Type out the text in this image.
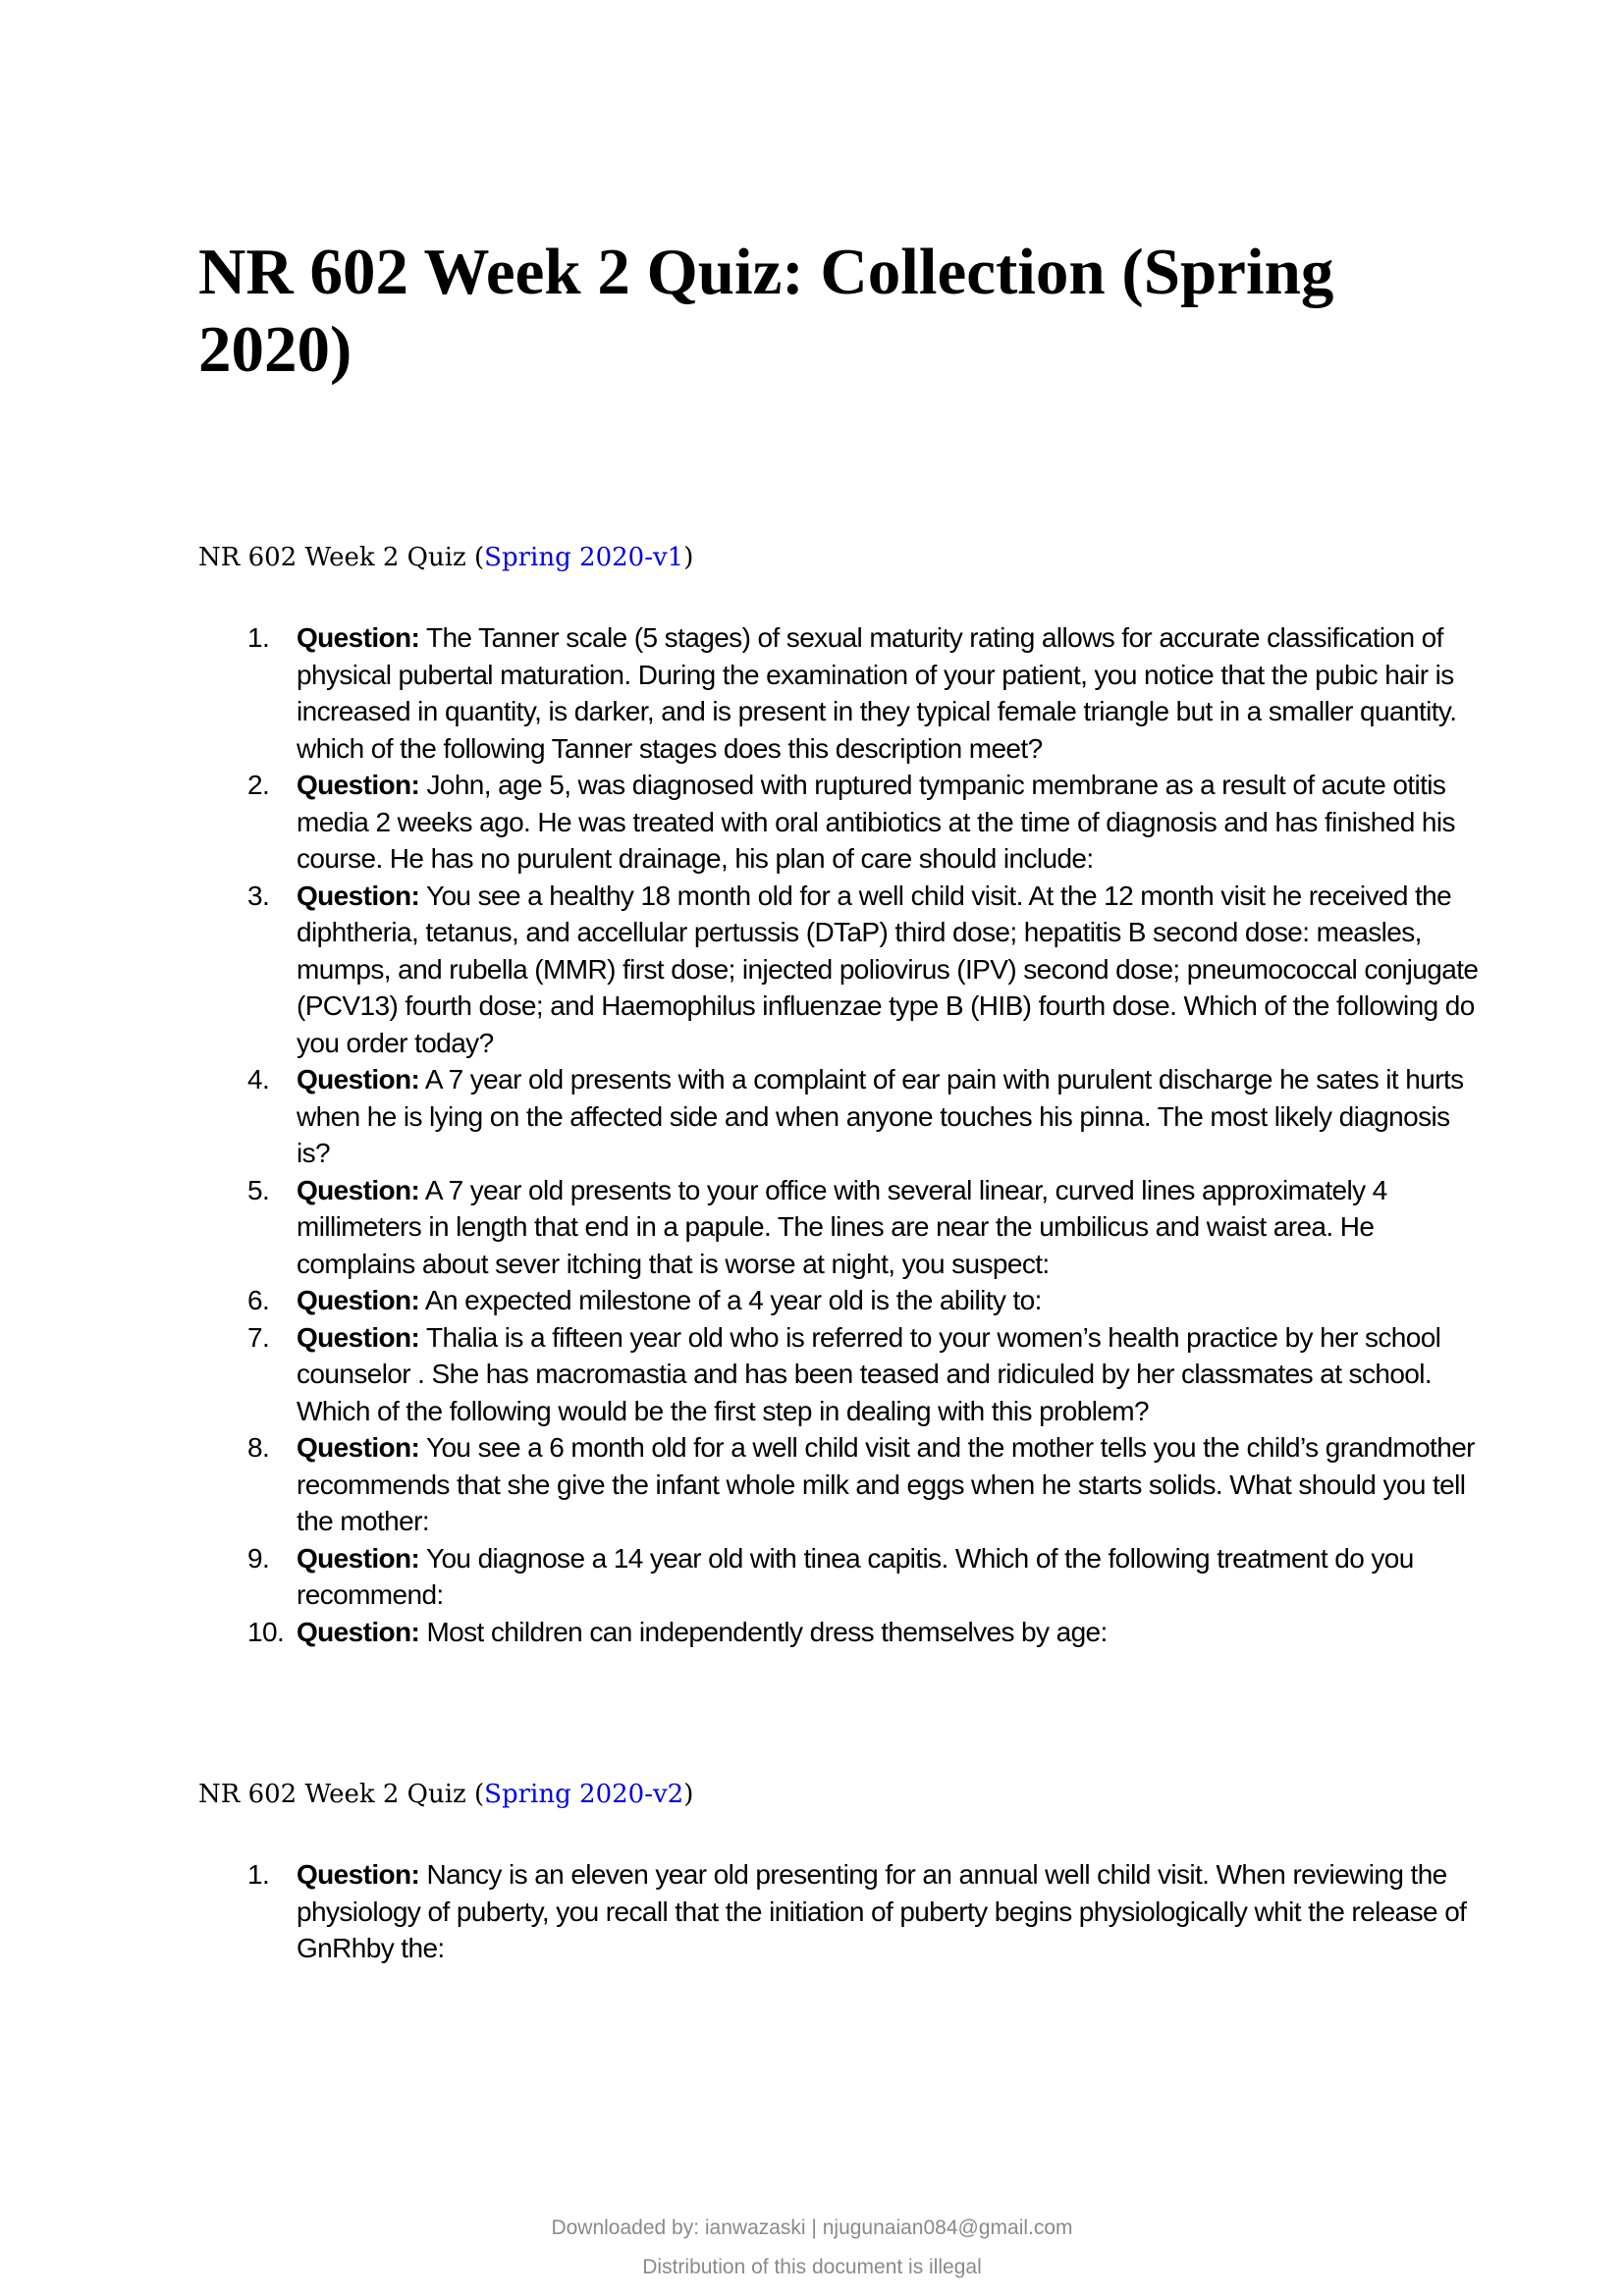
NR 602 Week 2 Quiz: Collection (Spring 2020)

NR 602 Week 2 Quiz (Spring 2020-v1)

1. Question: The Tanner scale (5 stages) of sexual maturity rating allows for accurate classification of physical pubertal maturation. During the examination of your patient, you notice that the pubic hair is increased in quantity, is darker, and is present in they typical female triangle but in a smaller quantity. which of the following Tanner stages does this description meet?
2. Question: John, age 5, was diagnosed with ruptured tympanic membrane as a result of acute otitis media 2 weeks ago. He was treated with oral antibiotics at the time of diagnosis and has finished his course. He has no purulent drainage, his plan of care should include:
3. Question: You see a healthy 18 month old for a well child visit. At the 12 month visit he received the diphtheria, tetanus, and accellular pertussis (DTaP) third dose; hepatitis B second dose: measles, mumps, and rubella (MMR) first dose; injected poliovirus (IPV) second dose; pneumococcal conjugate (PCV13) fourth dose; and Haemophilus influenzae type B (HIB) fourth dose. Which of the following do you order today?
4. Question: A 7 year old presents with a complaint of ear pain with purulent discharge he sates it hurts when he is lying on the affected side and when anyone touches his pinna. The most likely diagnosis is?
5. Question: A 7 year old presents to your office with several linear, curved lines approximately 4 millimeters in length that end in a papule. The lines are near the umbilicus and waist area. He complains about sever itching that is worse at night, you suspect:
6. Question: An expected milestone of a 4 year old is the ability to:
7. Question: Thalia is a fifteen year old who is referred to your women’s health practice by her school counselor . She has macromastia and has been teased and ridiculed by her classmates at school. Which of the following would be the first step in dealing with this problem?
8. Question: You see a 6 month old for a well child visit and the mother tells you the child’s grandmother recommends that she give the infant whole milk and eggs when he starts solids. What should you tell the mother:
9. Question: You diagnose a 14 year old with tinea capitis. Which of the following treatment do you recommend:
10. Question: Most children can independently dress themselves by age:

NR 602 Week 2 Quiz (Spring 2020-v2)

1. Question: Nancy is an eleven year old presenting for an annual well child visit. When reviewing the physiology of puberty, you recall that the initiation of puberty begins physiologically whit the release of GnRhby the:
Downloaded by: ianwazaski | njugunaian084@gmail.com
Distribution of this document is illegal
